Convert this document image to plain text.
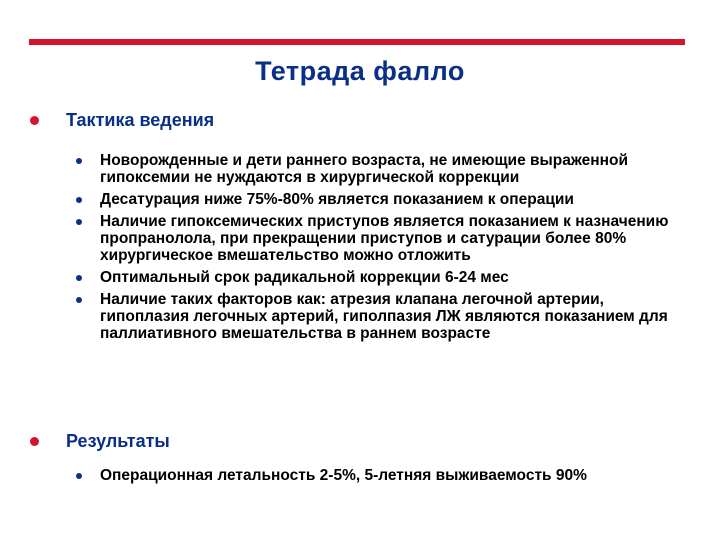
Тетрада фалло
Тактика ведения
Новорожденные и дети раннего возраста, не имеющие выраженной гипоксемии не нуждаются в хирургической коррекции
Десатурация ниже 75%-80% является показанием к операции
Наличие гипоксемических приступов является показанием к назначению пропранолола, при прекращении приступов и сатурации более 80% хирургическое вмешательство можно отложить
Оптимальный срок радикальной коррекции 6-24 мес
Наличие таких факторов как: атрезия клапана легочной артерии, гипоплазия легочных артерий, гиполпазия ЛЖ являются показанием для паллиативного вмешательства в раннем возрасте
Результаты
Операционная летальность 2-5%, 5-летняя выживаемость 90%
